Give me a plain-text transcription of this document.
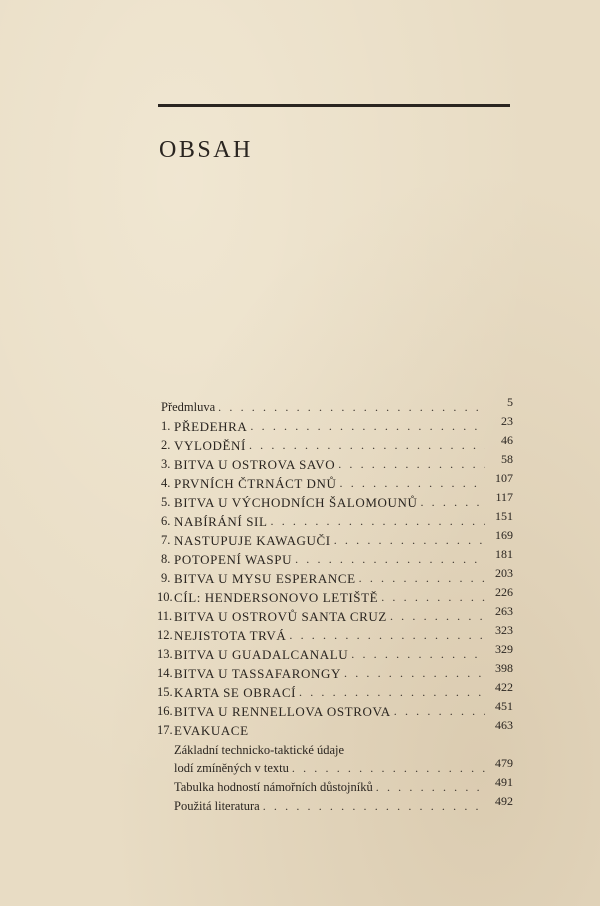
OBSAH
Předmluva . . .	5
1. PŘEDEHRA . . .	23
2. VYLODĚNÍ . . .	46
3. BITVA U OSTROVA SAVO . . .	58
4. PRVNÍCH ČTRNÁCT DNŮ . . .	107
5. BITVA U VÝCHODNÍCH ŠALOMOUNŮ . . .	117
6. NABÍRÁNÍ SIL . . .	151
7. NASTUPUJE KAWAGUČI . . .	169
8. POTOPENÍ WASPU . . .	181
9. BITVA U MYSU ESPERANCE . . .	203
10. CÍL: HENDERSONOVO LETIŠTĚ . . .	226
11. BITVA U OSTROVŮ SANTA CRUZ . . .	263
12. NEJISTOTA TRVÁ . . .	323
13. BITVA U GUADALCANALU . . .	329
14. BITVA U TASSAFARONGY . . .	398
15. KARTA SE OBRACÍ . . .	422
16. BITVA U RENNELLOVA OSTROVA . . .	451
17. EVAKUACE	463
Základní technicko-taktické údaje
lodí zmíněných v textu . . .	479
Tabulka hodností námořních důstojníků . . .	491
Použitá literatura . . .	492
